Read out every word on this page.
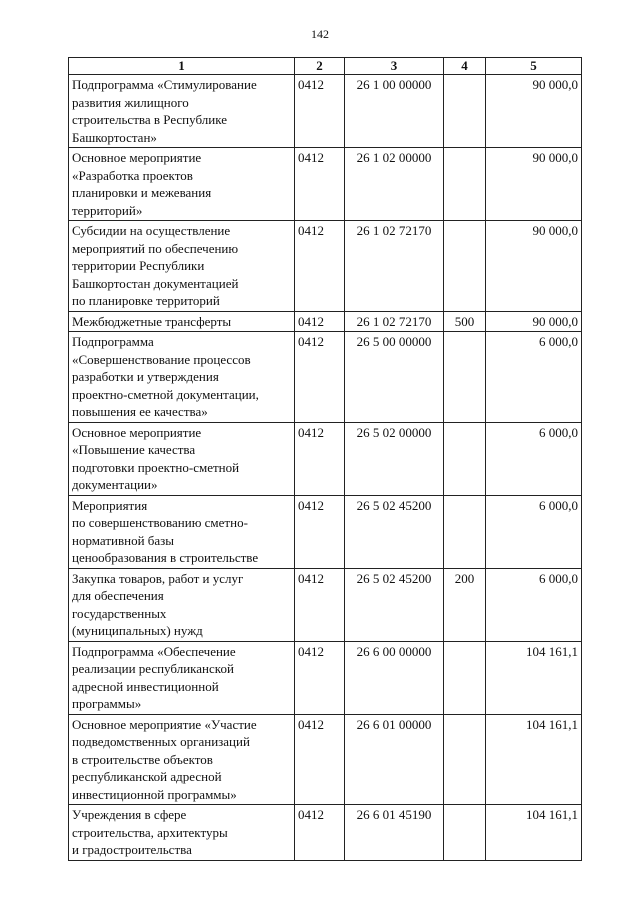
142
1	2	3	4	5
Подпрограмма «Стимулирование
развития жилищного
строительства в Республике
Башкортостан»	0412	26 1 00 00000		90 000,0
Основное мероприятие
«Разработка проектов
планировки и межевания
территорий»	0412	26 1 02 00000		90 000,0
Субсидии на осуществление
мероприятий по обеспечению
территории Республики
Башкортостан документацией
по планировке территорий	0412	26 1 02 72170		90 000,0
Межбюджетные трансферты	0412	26 1 02 72170	500	90 000,0
Подпрограмма
«Совершенствование процессов
разработки и утверждения
проектно-сметной документации,
повышения ее качества»	0412	26 5 00 00000		6 000,0
Основное мероприятие
«Повышение качества
подготовки проектно-сметной
документации»	0412	26 5 02 00000		6 000,0
Мероприятия
по совершенствованию сметно-
нормативной базы
ценообразования в строительстве	0412	26 5 02 45200		6 000,0
Закупка товаров, работ и услуг
для обеспечения
государственных
(муниципальных) нужд	0412	26 5 02 45200	200	6 000,0
Подпрограмма «Обеспечение
реализации республиканской
адресной инвестиционной
программы»	0412	26 6 00 00000		104 161,1
Основное мероприятие «Участие
подведомственных организаций
в строительстве объектов
республиканской адресной
инвестиционной программы»	0412	26 6 01 00000		104 161,1
Учреждения в сфере
строительства, архитектуры
и градостроительства	0412	26 6 01 45190		104 161,1
